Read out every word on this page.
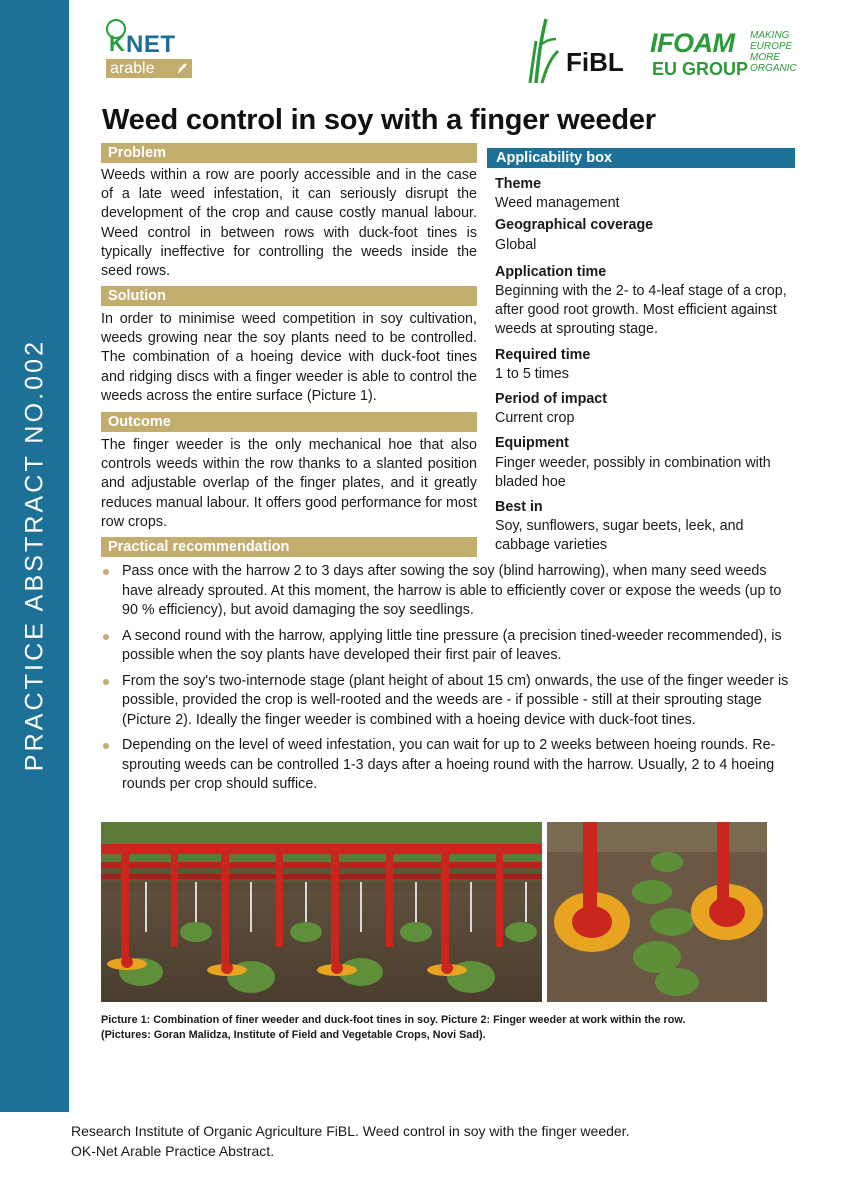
PRACTICE ABSTRACT NO.002
K NET
arable	FiBL
IFOAM
EU GROUP
MAKING
EUROPE
MORE
ORGANIC
Weed control in soy with a finger weeder
Problem

Weeds within a row are poorly accessible and in the case of a late weed infestation, it can seriously disrupt the development of the crop and cause costly manual labour. Weed control in between rows with duck-foot tines is typically ineffective for controlling the weeds inside the seed rows.

Solution

In order to minimise weed competition in soy cultivation, weeds growing near the soy plants need to be controlled. The combination of a hoeing device with duck-foot tines and ridging discs with a finger weeder is able to control the weeds across the entire surface (Picture 1).

Outcome

The finger weeder is the only mechanical hoe that also controls weeds within the row thanks to a slanted position and adjustable overlap of the finger plates, and it greatly reduces manual labour. It offers good performance for most row crops.

Practical recommendation
Applicability box
Theme
Weed management
Geographical coverage
Global
Application time
Beginning with the 2- to 4-leaf stage of a crop, after good root growth. Most efficient against weeds at sprouting stage.
Required time
1 to 5 times
Period of impact
Current crop
Equipment
Finger weeder, possibly in combination with bladed hoe
Best in
Soy, sunflowers, sugar beets, leek, and cabbage varieties
Pass once with the harrow 2 to 3 days after sowing the soy (blind harrowing), when many seed weeds have already sprouted. At this moment, the harrow is able to efficiently cover or expose the weeds (up to 90 % efficiency), but avoid damaging the soy seedlings.
A second round with the harrow, applying little tine pressure (a precision tined-weeder recommended), is possible when the soy plants have developed their first pair of leaves.
From the soy's two-internode stage (plant height of about 15 cm) onwards, the use of the finger weeder is possible, provided the crop is well-rooted and the weeds are - if possible - still at their sprouting stage (Picture 2). Ideally the finger weeder is combined with a hoeing device with duck-foot tines.
Depending on the level of weed infestation, you can wait for up to 2 weeks between hoeing rounds. Re-sprouting weeds can be controlled 1-3 days after a hoeing round with the harrow. Usually, 2 to 4 hoeing rounds per crop should suffice.
Picture 1: Combination of finer weeder and duck-foot tines in soy. Picture 2: Finger weeder at work within the row.
(Pictures: Goran Malidza, Institute of Field and Vegetable Crops, Novi Sad).
Research Institute of Organic Agriculture FiBL. Weed control in soy with the finger weeder.
OK-Net Arable Practice Abstract.
